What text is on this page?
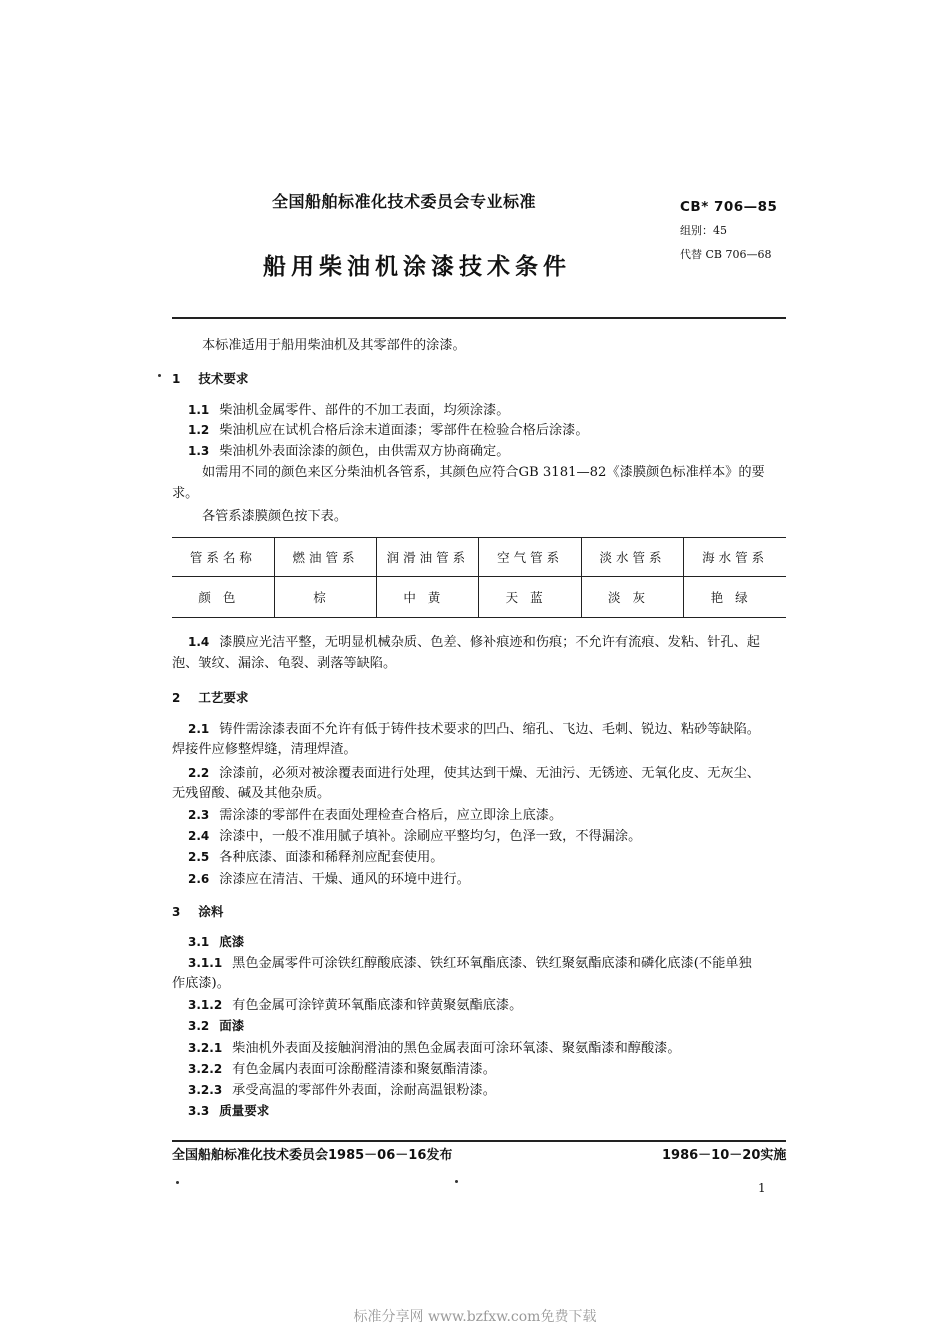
全国船舶标准化技术委员会专业标准
船用柴油机涂漆技术条件
CB* 706—85
组别：45
代替 CB 706—68
本标准适用于船用柴油机及其零部件的涂漆。
1 技术要求
1.1 柴油机金属零件、部件的不加工表面，均须涂漆。
1.2 柴油机应在试机合格后涂末道面漆；零部件在检验合格后涂漆。
1.3 柴油机外表面涂漆的颜色，由供需双方协商确定。
如需用不同的颜色来区分柴油机各管系，其颜色应符合GB 3181—82《漆膜颜色标准样本》的要
求。
各管系漆膜颜色按下表。
管系名称	燃油管系	润滑油管系	空气管系	淡水管系	海水管系
颜色	棕	中黄	天蓝	淡灰	艳绿
1.4 漆膜应光洁平整，无明显机械杂质、色差、修补痕迹和伤痕；不允许有流痕、发粘、针孔、起
泡、皱纹、漏涂、龟裂、剥落等缺陷。
2 工艺要求
2.1 铸件需涂漆表面不允许有低于铸件技术要求的凹凸、缩孔、飞边、毛刺、锐边、粘砂等缺陷。
焊接件应修整焊缝，清理焊渣。
2.2 涂漆前，必须对被涂覆表面进行处理，使其达到干燥、无油污、无锈迹、无氧化皮、无灰尘、
无残留酸、碱及其他杂质。
2.3 需涂漆的零部件在表面处理检查合格后，应立即涂上底漆。
2.4 涂漆中，一般不准用腻子填补。涂刷应平整均匀，色泽一致，不得漏涂。
2.5 各种底漆、面漆和稀释剂应配套使用。
2.6 涂漆应在清洁、干燥、通风的环境中进行。
3 涂料
3.1 底漆
3.1.1 黑色金属零件可涂铁红醇酸底漆、铁红环氧酯底漆、铁红聚氨酯底漆和磷化底漆(不能单独
作底漆)。
3.1.2 有色金属可涂锌黄环氧酯底漆和锌黄聚氨酯底漆。
3.2 面漆
3.2.1 柴油机外表面及接触润滑油的黑色金属表面可涂环氧漆、聚氨酯漆和醇酸漆。
3.2.2 有色金属内表面可涂酚醛清漆和聚氨酯清漆。
3.2.3 承受高温的零部件外表面，涂耐高温银粉漆。
3.3 质量要求
全国船舶标准化技术委员会1985－06－16发布	1986－10－20实施
1
标准分享网 www.bzfxw.com免费下载
